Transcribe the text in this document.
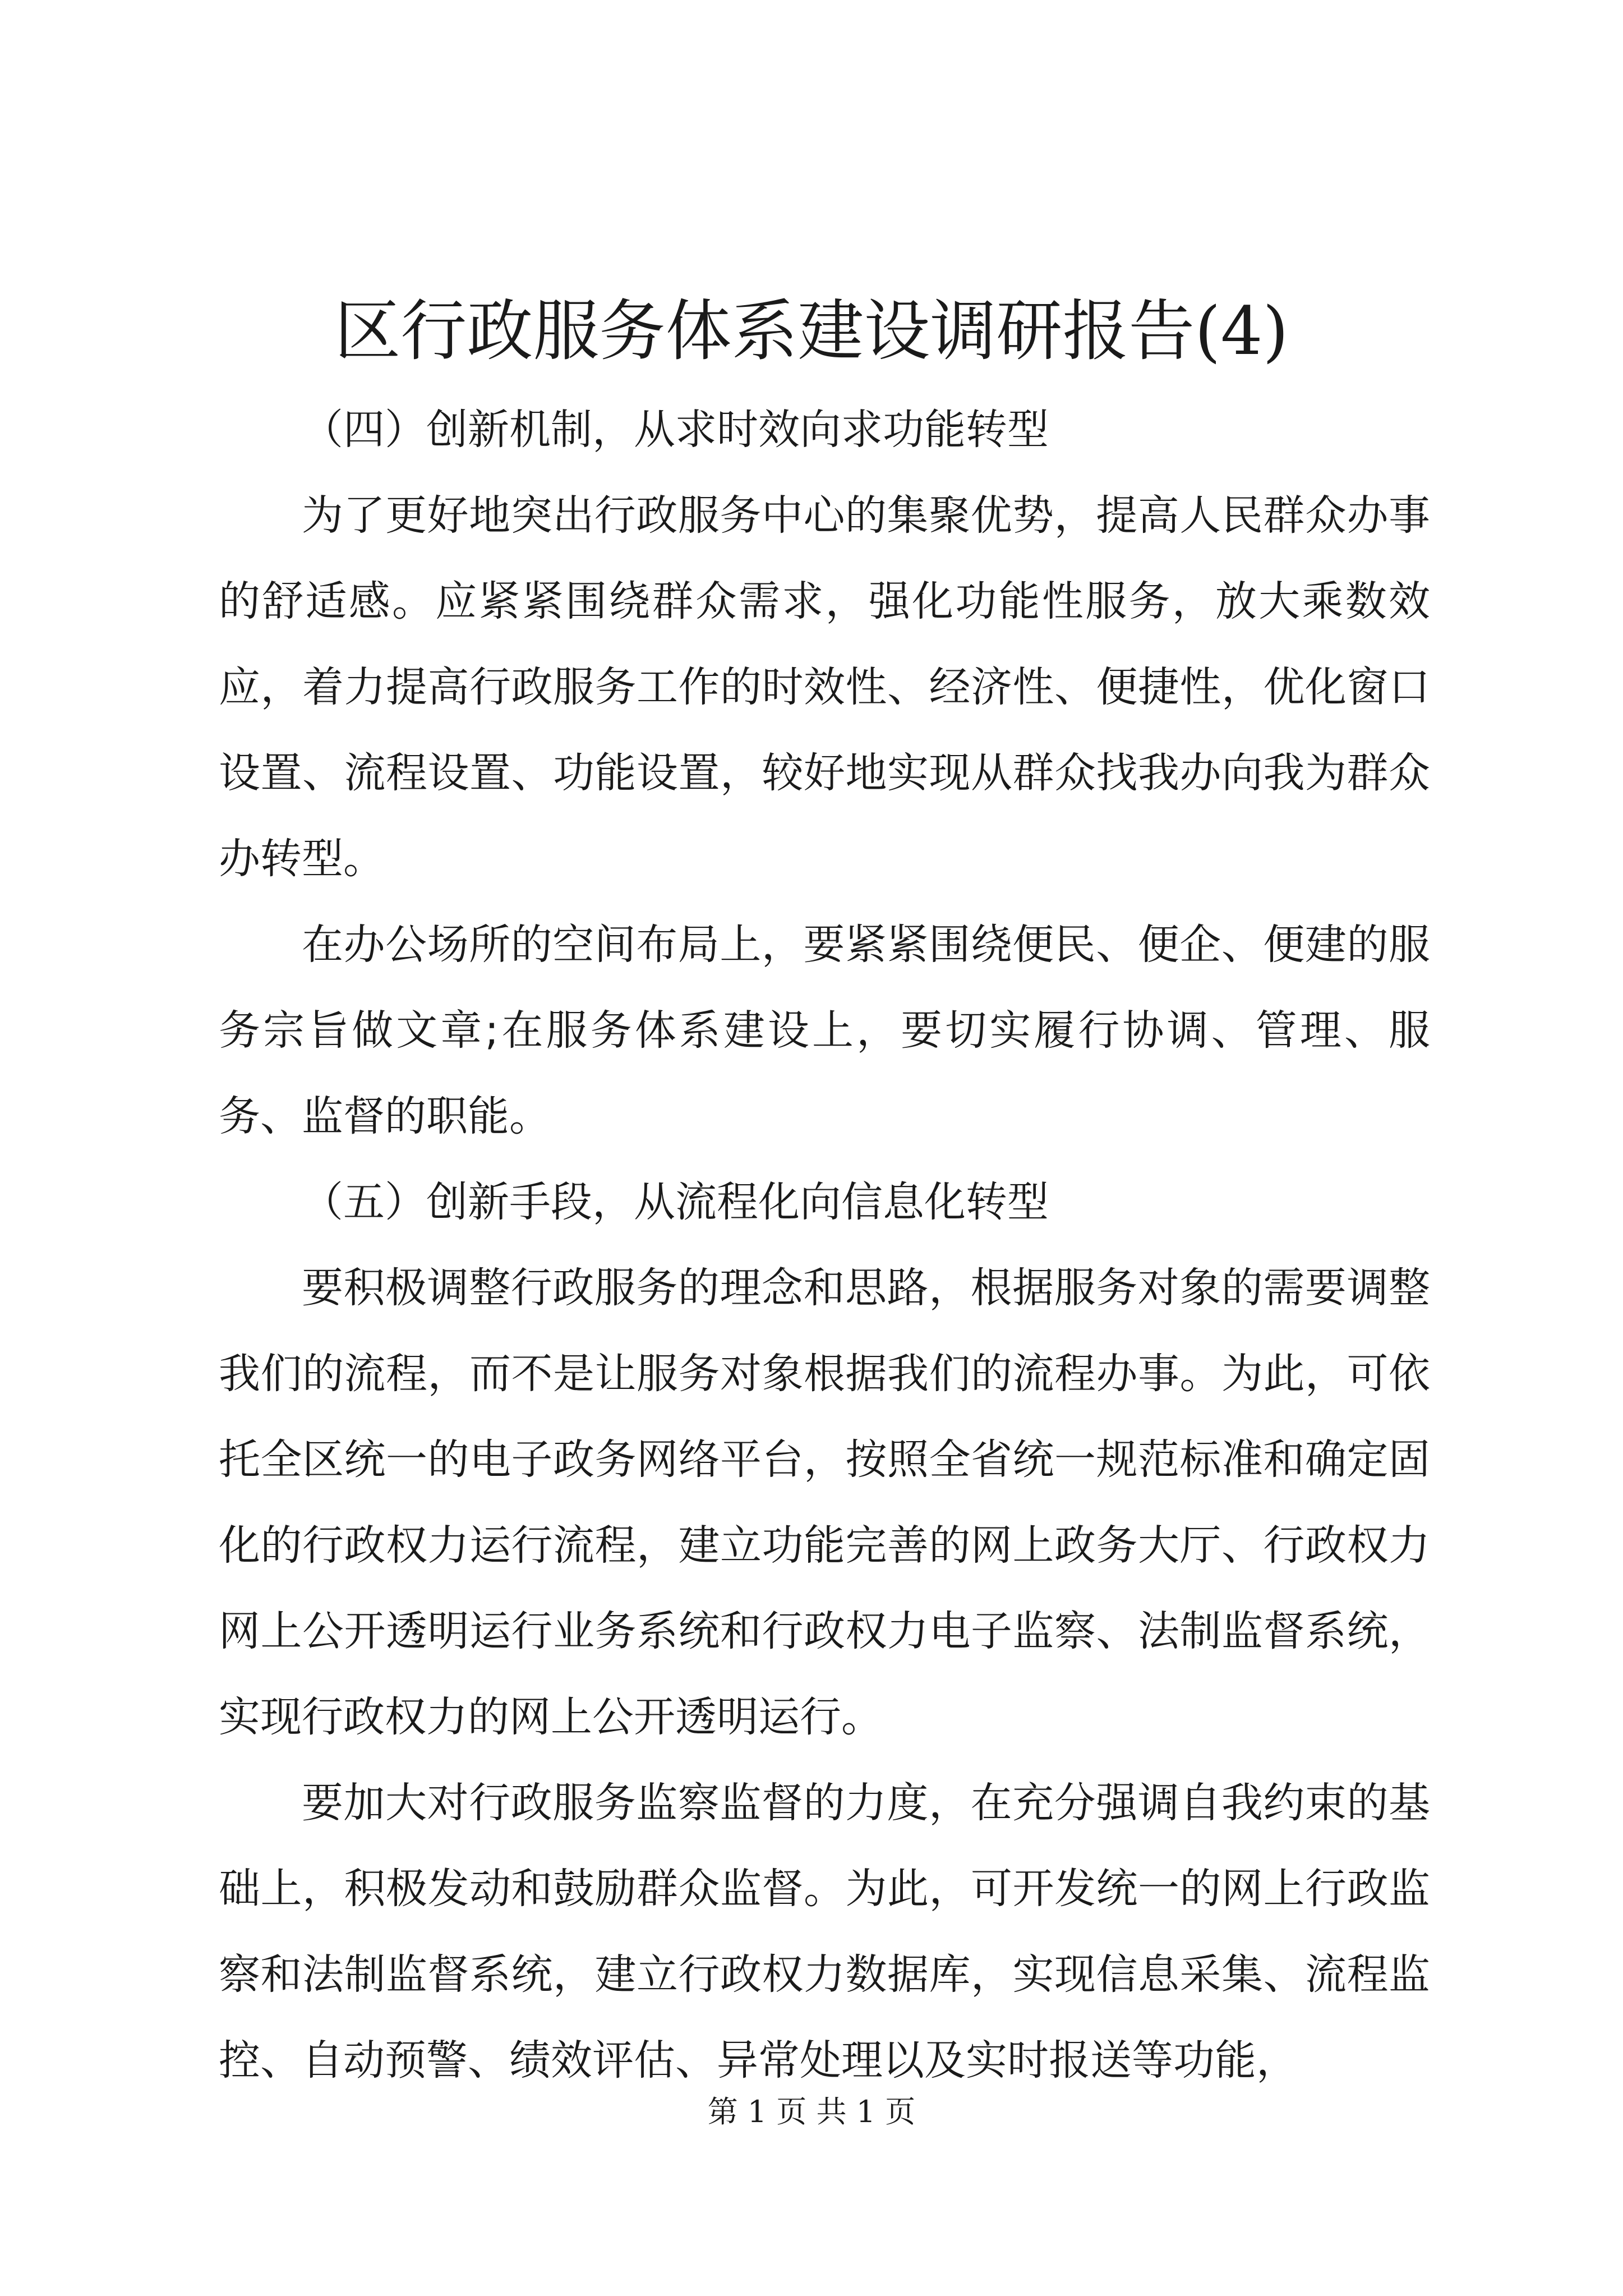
区行政服务体系建设调研报告(4)

（四）创新机制，从求时效向求功能转型

为了更好地突出行政服务中心的集聚优势，提高人民群众办事的舒适感。应紧紧围绕群众需求，强化功能性服务，放大乘数效应，着力提高行政服务工作的时效性、经济性、便捷性，优化窗口设置、流程设置、功能设置，较好地实现从群众找我办向我为群众办转型。

在办公场所的空间布局上，要紧紧围绕便民、便企、便建的服务宗旨做文章;在服务体系建设上，要切实履行协调、管理、服务、监督的职能。

（五）创新手段，从流程化向信息化转型

要积极调整行政服务的理念和思路，根据服务对象的需要调整我们的流程，而不是让服务对象根据我们的流程办事。为此，可依托全区统一的电子政务网络平台，按照全省统一规范标准和确定固化的行政权力运行流程，建立功能完善的网上政务大厅、行政权力网上公开透明运行业务系统和行政权力电子监察、法制监督系统，实现行政权力的网上公开透明运行。

要加大对行政服务监察监督的力度，在充分强调自我约束的基础上，积极发动和鼓励群众监督。为此，可开发统一的网上行政监察和法制监督系统，建立行政权力数据库，实现信息采集、流程监控、自动预警、绩效评估、异常处理以及实时报送等功能，

第 1 页 共 1 页
